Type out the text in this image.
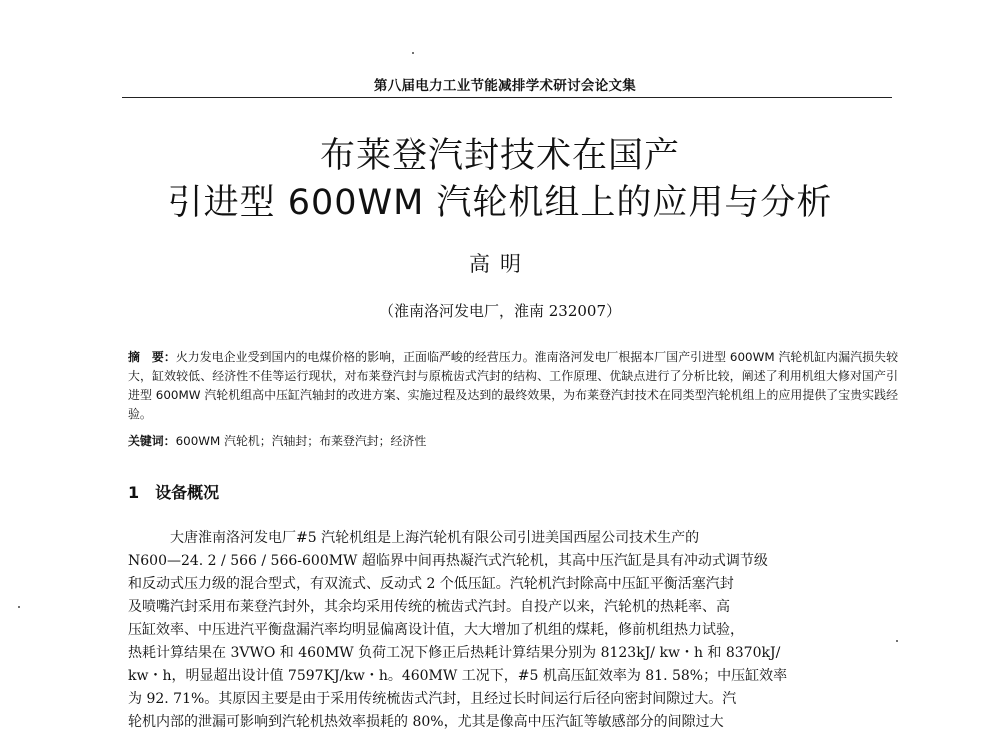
第八届电力工业节能减排学术研讨会论文集
布莱登汽封技术在国产
引进型 600WM 汽轮机组上的应用与分析
高明
（淮南洛河发电厂，淮南 232007）
摘　要：火力发电企业受到国内的电煤价格的影响，正面临严峻的经营压力。淮南洛河发电厂根据本厂国产引进型 600WM 汽轮机缸内漏汽损失较大，缸效较低、经济性不佳等运行现状，对布莱登汽封与原梳齿式汽封的结构、工作原理、优缺点进行了分析比较，阐述了利用机组大修对国产引进型 600MW 汽轮机组高中压缸汽轴封的改进方案、实施过程及达到的最终效果，为布莱登汽封技术在同类型汽轮机组上的应用提供了宝贵实践经验。
关键词：600WM 汽轮机；汽轴封；布莱登汽封；经济性
1　设备概况
大唐淮南洛河发电厂#5 汽轮机组是上海汽轮机有限公司引进美国西屋公司技术生产的
N600—24. 2 / 566 / 566-600MW 超临界中间再热凝汽式汽轮机，其高中压汽缸是具有冲动式调节级
和反动式压力级的混合型式，有双流式、反动式 2 个低压缸。汽轮机汽封除高中压缸平衡活塞汽封
及喷嘴汽封采用布莱登汽封外，其余均采用传统的梳齿式汽封。自投产以来，汽轮机的热耗率、高
压缸效率、中压进汽平衡盘漏汽率均明显偏离设计值，大大增加了机组的煤耗，修前机组热力试验，
热耗计算结果在 3VWO 和 460MW 负荷工况下修正后热耗计算结果分别为 8123kJ/ kw・h 和 8370kJ/
kw・h，明显超出设计值 7597KJ/kw・h。460MW 工况下，#5 机高压缸效率为 81. 58%；中压缸效率
为 92. 71%。其原因主要是由于采用传统梳齿式汽封，且经过长时间运行后径向密封间隙过大。汽
轮机内部的泄漏可影响到汽轮机热效率损耗的 80%，尤其是像高中压汽缸等敏感部分的间隙过大
